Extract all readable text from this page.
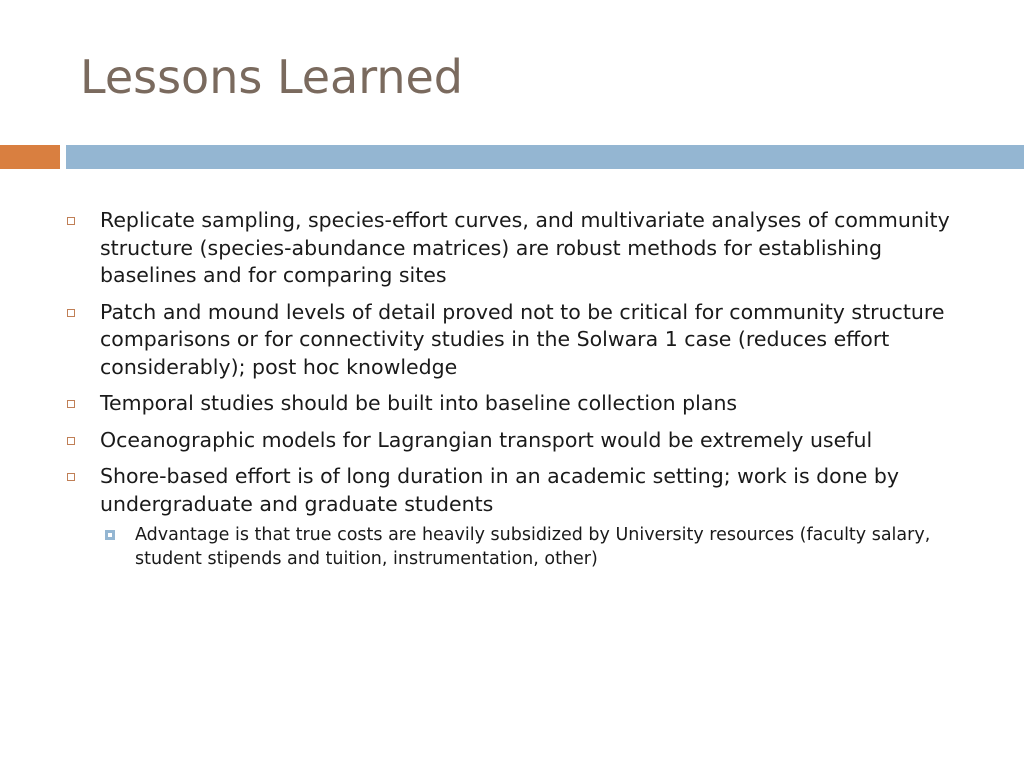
Lessons Learned
Replicate sampling, species-effort curves, and multivariate analyses of community structure (species-abundance matrices) are robust methods for establishing baselines and for comparing sites
Patch and mound levels of detail proved not to be critical for community structure comparisons or for connectivity studies in the Solwara 1 case (reduces effort considerably); post hoc knowledge
Temporal studies should be built into baseline collection plans
Oceanographic models for Lagrangian transport would be extremely useful
Shore-based effort is of long duration in an academic setting; work is done by undergraduate and graduate students
Advantage is that true costs are heavily subsidized by University resources (faculty salary, student stipends and tuition, instrumentation, other)
